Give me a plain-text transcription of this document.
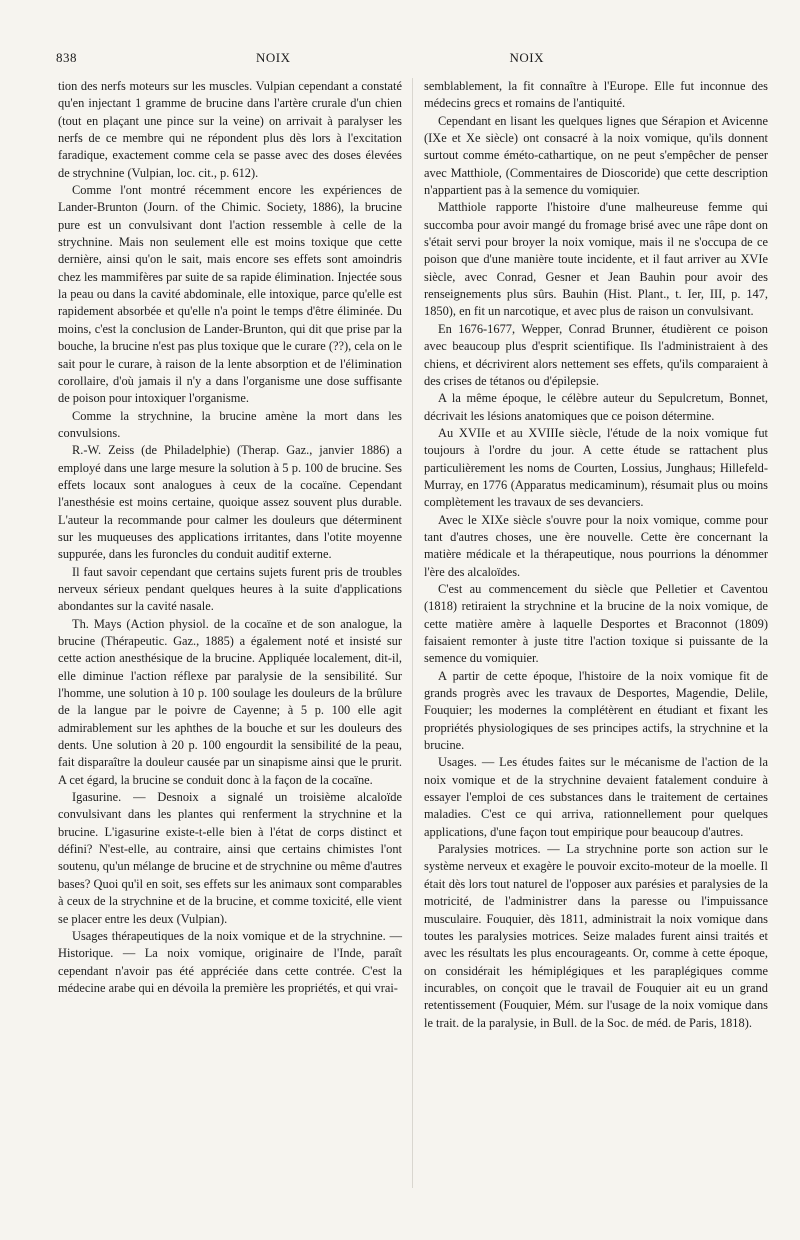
838	NOIX	NOIX

tion des nerfs moteurs sur les muscles. Vulpian cependant a constaté qu'en injectant 1 gramme de brucine dans l'artère crurale d'un chien (tout en plaçant une pince sur la veine) on arrivait à paralyser les nerfs de ce membre qui ne répondent plus dès lors à l'excitation faradique, exactement comme cela se passe avec des doses élevées de strychnine (Vulpian, loc. cit., p. 612).

Comme l'ont montré récemment encore les expériences de Lander-Brunton (Journ. of the Chimic. Society, 1886), la brucine pure est un convulsivant dont l'action ressemble à celle de la strychnine. Mais non seulement elle est moins toxique que cette dernière, ainsi qu'on le sait, mais encore ses effets sont amoindris chez les mammifères par suite de sa rapide élimination. Injectée sous la peau ou dans la cavité abdominale, elle intoxique, parce qu'elle est rapidement absorbée et qu'elle n'a point le temps d'être éliminée. Du moins, c'est la conclusion de Lander-Brunton, qui dit que prise par la bouche, la brucine n'est pas plus toxique que le curare (??), cela on le sait pour le curare, à raison de la lente absorption et de l'élimination corollaire, d'où jamais il n'y a dans l'organisme une dose suffisante de poison pour intoxiquer l'organisme.

Comme la strychnine, la brucine amène la mort dans les convulsions.

R.-W. Zeiss (de Philadelphie) (Therap. Gaz., janvier 1886) a employé dans une large mesure la solution à 5 p. 100 de brucine. Ses effets locaux sont analogues à ceux de la cocaïne. Cependant l'anesthésie est moins certaine, quoique assez souvent plus durable. L'auteur la recommande pour calmer les douleurs que déterminent sur les muqueuses des applications irritantes, dans l'otite moyenne suppurée, dans les furoncles du conduit auditif externe.

Il faut savoir cependant que certains sujets furent pris de troubles nerveux sérieux pendant quelques heures à la suite d'applications abondantes sur la cavité nasale.

Th. Mays (Action physiol. de la cocaïne et de son analogue, la brucine (Thérapeutic. Gaz., 1885) a également noté et insisté sur cette action anesthésique de la brucine. Appliquée localement, dit-il, elle diminue l'action réflexe par paralysie de la sensibilité. Sur l'homme, une solution à 10 p. 100 soulage les douleurs de la brûlure de la langue par le poivre de Cayenne; à 5 p. 100 elle agit admirablement sur les aphthes de la bouche et sur les douleurs des dents. Une solution à 20 p. 100 engourdit la sensibilité de la peau, fait disparaître la douleur causée par un sinapisme ainsi que le prurit. A cet égard, la brucine se conduit donc à la façon de la cocaïne.

Igasurine. — Desnoix a signalé un troisième alcaloïde convulsivant dans les plantes qui renferment la strychnine et la brucine. L'igasurine existe-t-elle bien à l'état de corps distinct et défini? N'est-elle, au contraire, ainsi que certains chimistes l'ont soutenu, qu'un mélange de brucine et de strychnine ou même d'autres bases? Quoi qu'il en soit, ses effets sur les animaux sont comparables à ceux de la strychnine et de la brucine, et comme toxicité, elle vient se placer entre les deux (Vulpian).

Usages thérapeutiques de la noix vomique et de la strychnine. — Historique. — La noix vomique, originaire de l'Inde, paraît cependant n'avoir pas été appréciée dans cette contrée. C'est la médecine arabe qui en dévoila la première les propriétés, et qui vrai-

semblablement, la fit connaître à l'Europe. Elle fut inconnue des médecins grecs et romains de l'antiquité.

Cependant en lisant les quelques lignes que Sérapion et Avicenne (IXe et Xe siècle) ont consacré à la noix vomique, qu'ils donnent surtout comme éméto-cathartique, on ne peut s'empêcher de penser avec Matthiole, (Commentaires de Dioscoride) que cette description n'appartient pas à la semence du vomiquier.

Matthiole rapporte l'histoire d'une malheureuse femme qui succomba pour avoir mangé du fromage brisé avec une râpe dont on s'était servi pour broyer la noix vomique, mais il ne s'occupa de ce poison que d'une manière toute incidente, et il faut arriver au XVIe siècle, avec Conrad, Gesner et Jean Bauhin pour avoir des renseignements plus sûrs. Bauhin (Hist. Plant., t. Ier, III, p. 147, 1850), en fit un narcotique, et avec plus de raison un convulsivant.

En 1676-1677, Wepper, Conrad Brunner, étudièrent ce poison avec beaucoup plus d'esprit scientifique. Ils l'administraient à des chiens, et décrivirent alors nettement ses effets, qu'ils comparaient à des crises de tétanos ou d'épilepsie.

A la même époque, le célèbre auteur du Sepulcretum, Bonnet, décrivait les lésions anatomiques que ce poison détermine.

Au XVIIe et au XVIIIe siècle, l'étude de la noix vomique fut toujours à l'ordre du jour. A cette étude se rattachent plus particulièrement les noms de Courten, Lossius, Junghaus; Hillefeld-Murray, en 1776 (Apparatus medicaminum), résumait plus ou moins complètement les travaux de ses devanciers.

Avec le XIXe siècle s'ouvre pour la noix vomique, comme pour tant d'autres choses, une ère nouvelle. Cette ère concernant la matière médicale et la thérapeutique, nous pourrions la dénommer l'ère des alcaloïdes.

C'est au commencement du siècle que Pelletier et Caventou (1818) retiraient la strychnine et la brucine de la noix vomique, de cette matière amère à laquelle Desportes et Braconnot (1809) faisaient remonter à juste titre l'action toxique si puissante de la semence du vomiquier.

A partir de cette époque, l'histoire de la noix vomique fit de grands progrès avec les travaux de Desportes, Magendie, Delile, Fouquier; les modernes la complétèrent en étudiant et fixant les propriétés physiologiques de ses principes actifs, la strychnine et la brucine.

Usages. — Les études faites sur le mécanisme de l'action de la noix vomique et de la strychnine devaient fatalement conduire à essayer l'emploi de ces substances dans le traitement de certaines maladies. C'est ce qui arriva, rationnellement pour quelques applications, d'une façon tout empirique pour beaucoup d'autres.

Paralysies motrices. — La strychnine porte son action sur le système nerveux et exagère le pouvoir excito-moteur de la moelle. Il était dès lors tout naturel de l'opposer aux parésies et paralysies de la motricité, de l'administrer dans la paresse ou l'impuissance musculaire. Fouquier, dès 1811, administrait la noix vomique dans toutes les paralysies motrices. Seize malades furent ainsi traités et avec les résultats les plus encourageants. Or, comme à cette époque, on considérait les hémiplégiques et les paraplégiques comme incurables, on conçoit que le travail de Fouquier ait eu un grand retentissement (Fouquier, Mém. sur l'usage de la noix vomique dans le trait. de la paralysie, in Bull. de la Soc. de méd. de Paris, 1818).
